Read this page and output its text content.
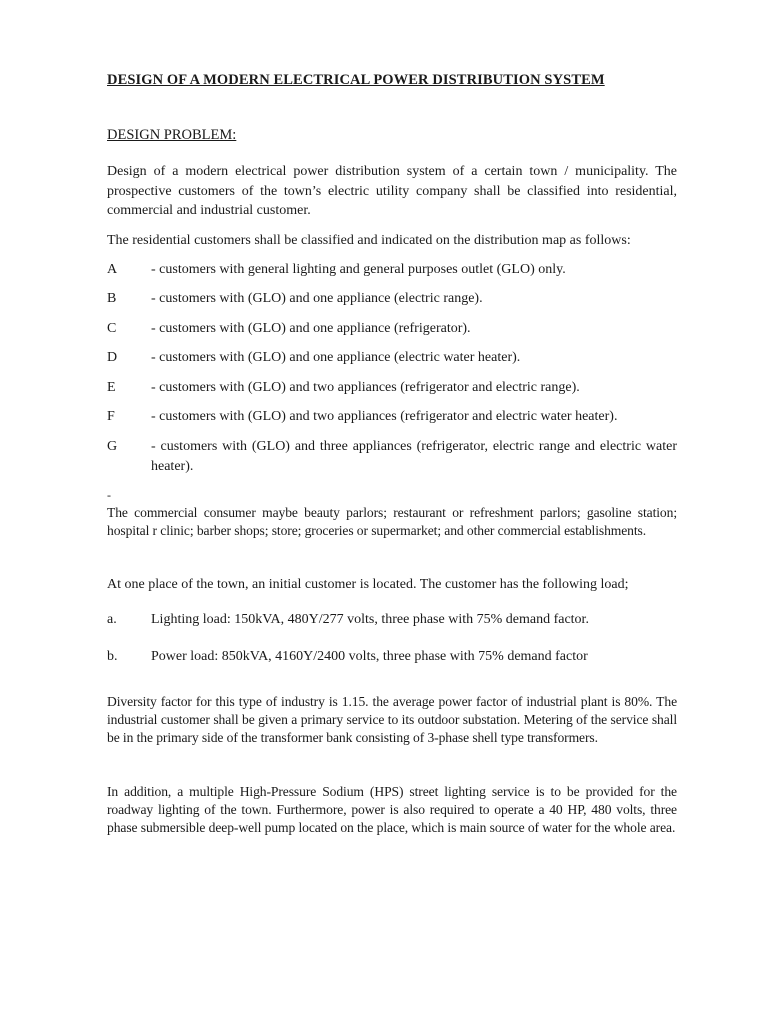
DESIGN OF A MODERN ELECTRICAL POWER DISTRIBUTION SYSTEM
DESIGN PROBLEM:
Design of a modern electrical power distribution system of a certain town / municipality. The prospective customers of the town’s electric utility company shall be classified into residential, commercial and industrial customer.
The residential customers shall be classified and indicated on the distribution map as follows:
A	- customers with general lighting and general purposes outlet (GLO) only.
B	- customers with (GLO) and one appliance (electric range).
C	- customers with (GLO) and one appliance (refrigerator).
D	- customers with (GLO) and one appliance (electric water heater).
E	- customers with (GLO) and two appliances (refrigerator and electric range).
F	- customers with (GLO) and two appliances (refrigerator and electric water heater).
G	- customers with (GLO) and three appliances (refrigerator, electric range and electric water heater).
-
The commercial consumer maybe beauty parlors; restaurant or refreshment parlors; gasoline station; hospital r clinic; barber shops; store; groceries or supermarket; and other commercial establishments.
At one place of the town, an initial customer is located. The customer has the following load;
a.	Lighting load: 150kVA, 480Y/277 volts, three phase with 75% demand factor.
b.	Power load: 850kVA, 4160Y/2400 volts, three phase with 75% demand factor
Diversity factor for this type of industry is 1.15. the average power factor of industrial plant is 80%. The industrial customer shall be given a primary service to its outdoor substation. Metering of the service shall be in the primary side of the transformer bank consisting of 3-phase shell type transformers.
In addition, a multiple High-Pressure Sodium (HPS) street lighting service is to be provided for the roadway lighting of the town. Furthermore, power is also required to operate a 40 HP, 480 volts, three phase submersible deep-well pump located on the place, which is main source of water for the whole area.
